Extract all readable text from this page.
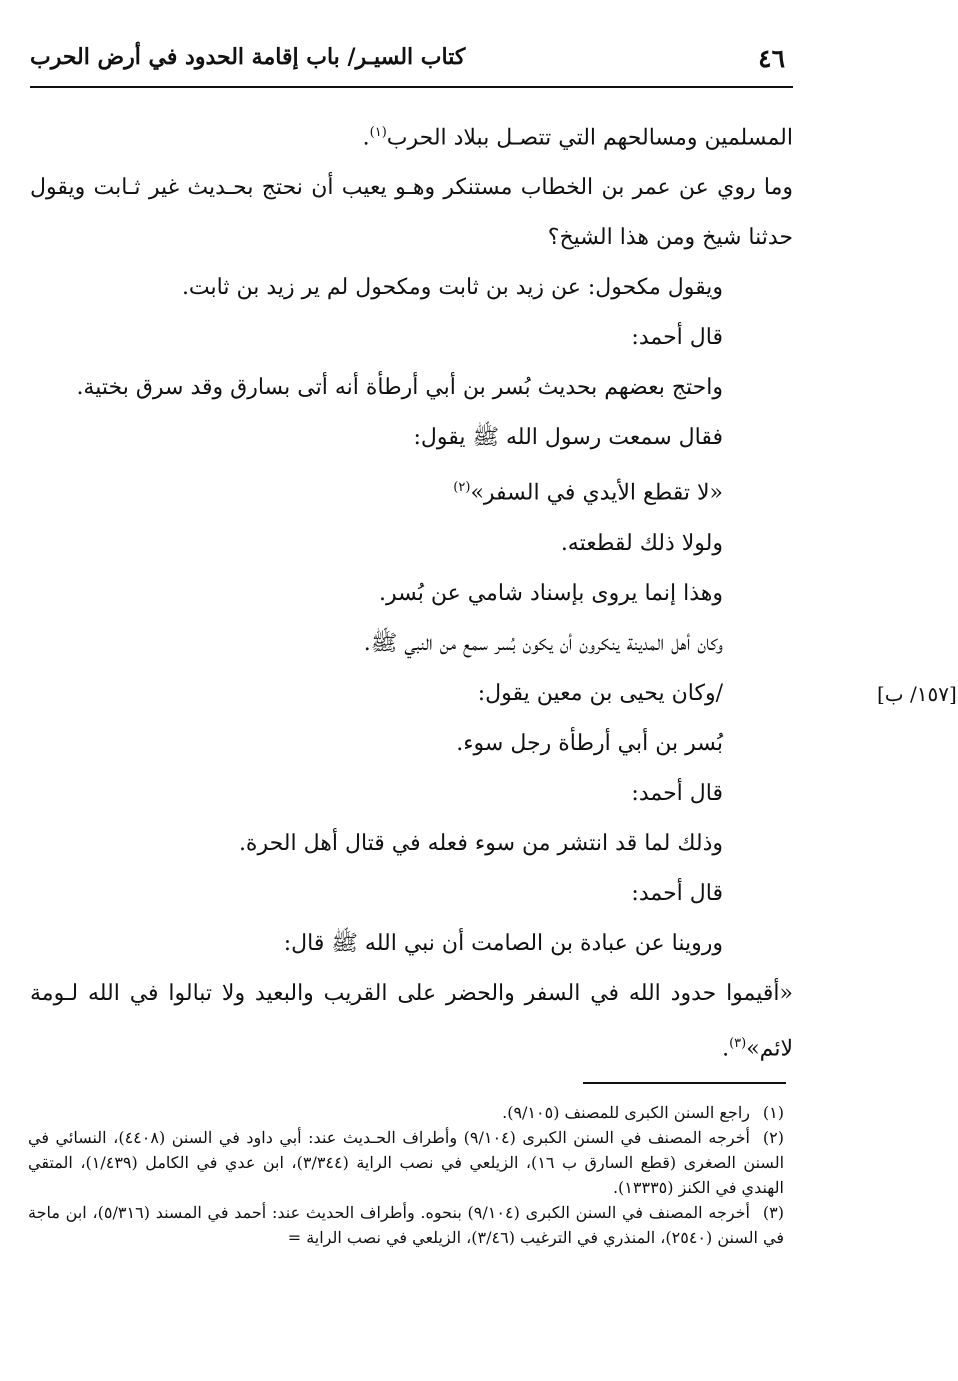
٤٦
كتاب السيـر/ باب إقامة الحدود في أرض الحرب

المسلمين ومسالحهم التي تتصـل ببلاد الحرب$^{(١)}$.

وما روي عن عمر بن الخطاب مستنكر وهـو يعيب أن نحتج بحـديث غير ثـابت ويقول حدثنا شيخ ومن هذا الشيخ؟

ويقول مكحول: عن زيد بن ثابت ومكحول لم ير زيد بن ثابت.

قال أحمد:

واحتج بعضهم بحديث بُسر بن أبي أرطأة أنه أتى بسارق وقد سرق بختية.

فقال سمعت رسول الله ﷺ يقول:

«لا تقطع الأيدي في السفر»$^{(٢)}$

ولولا ذلك لقطعته.

وهذا إنما يروى بإسناد شامي عن بُسر.

وكان أهل المدينة ينكرون أن يكون بُسر سمع من النبي ﷺ.

/وكان يحيى بن معين يقول:	[١٥٧/ ب]

بُسر بن أبي أرطأة رجل سوء.

قال أحمد:

وذلك لما قد انتشر من سوء فعله في قتال أهل الحرة.

قال أحمد:

وروينا عن عبادة بن الصامت أن نبي الله ﷺ قال:

«أقيموا حدود الله في السفر والحضر على القريب والبعيد ولا تبالوا في الله لـومة لائم»$^{(٣)}$.

(١)راجع السنن الكبرى للمصنف (٩/١٠٥).

(٢)أخرجه المصنف في السنن الكبرى (٩/١٠٤) وأطراف الحـديث عند: أبي داود في السنن (٤٤٠٨)، النسائي في السنن الصغرى (قطع السارق ب ١٦)، الزيلعي في نصب الراية (٣/٣٤٤)، ابن عدي في الكامل (١/٤٣٩)، المتقي الهندي في الكنز (١٣٣٣٥).

(٣)أخرجه المصنف في السنن الكبرى (٩/١٠٤) بنحوه. وأطراف الحديث عند: أحمد في المسند (٥/٣١٦)، ابن ماجة في السنن (٢٥٤٠)، المنذري في الترغيب (٣/٤٦)، الزيلعي في نصب الراية =
